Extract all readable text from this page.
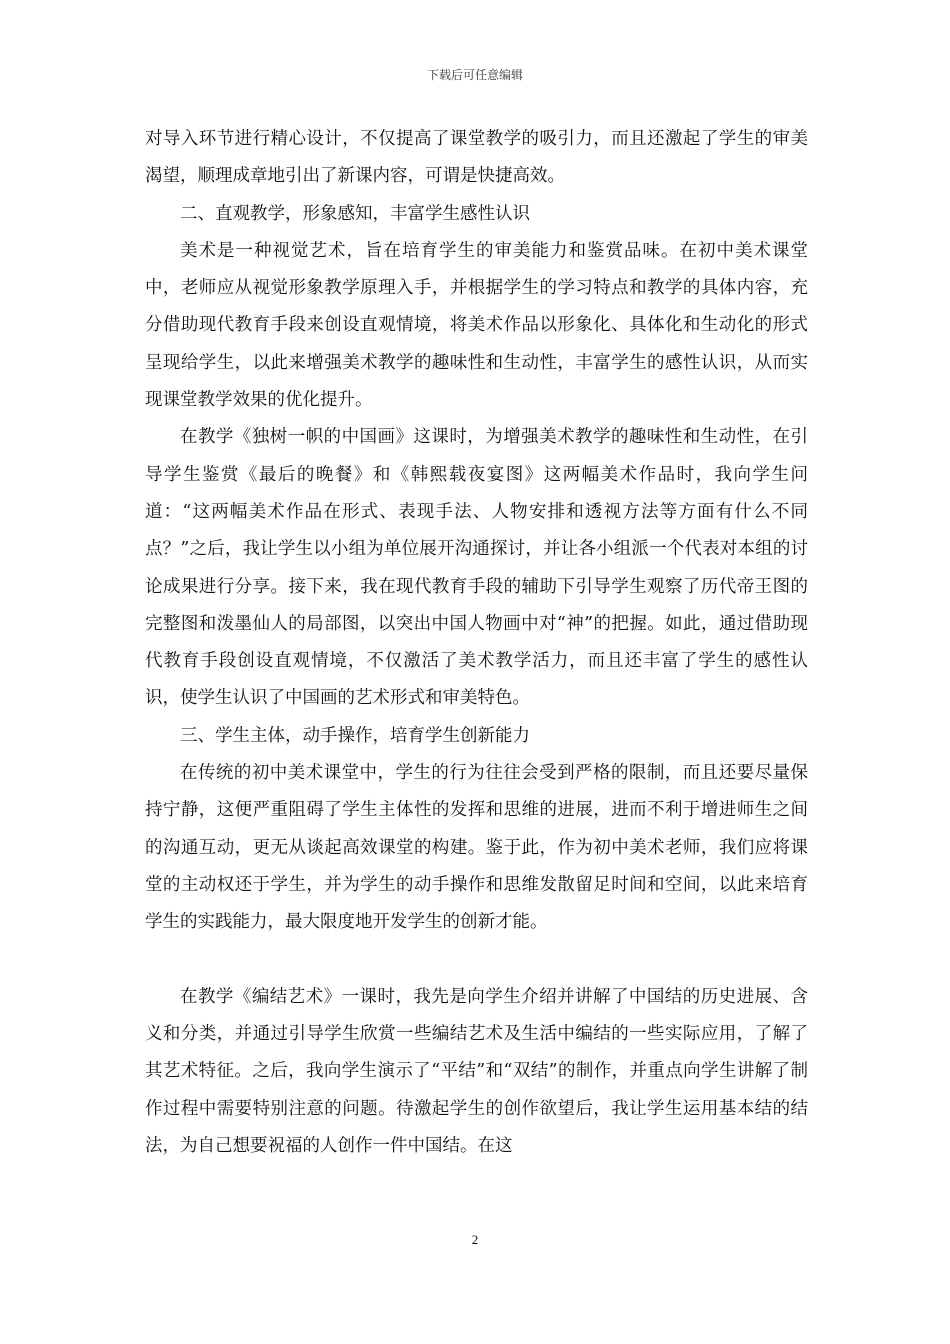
下载后可任意编辑

对导入环节进行精心设计，不仅提高了课堂教学的吸引力，而且还激起了学生的审美渴望，顺理成章地引出了新课内容，可谓是快捷高效。

二、直观教学，形象感知，丰富学生感性认识

美术是一种视觉艺术，旨在培育学生的审美能力和鉴赏品味。在初中美术课堂中，老师应从视觉形象教学原理入手，并根据学生的学习特点和教学的具体内容，充分借助现代教育手段来创设直观情境，将美术作品以形象化、具体化和生动化的形式呈现给学生，以此来增强美术教学的趣味性和生动性，丰富学生的感性认识，从而实现课堂教学效果的优化提升。

在教学《独树一帜的中国画》这课时，为增强美术教学的趣味性和生动性，在引导学生鉴赏《最后的晚餐》和《韩熙载夜宴图》这两幅美术作品时，我向学生问道：“这两幅美术作品在形式、表现手法、人物安排和透视方法等方面有什么不同点？”之后，我让学生以小组为单位展开沟通探讨，并让各小组派一个代表对本组的讨论成果进行分享。接下来，我在现代教育手段的辅助下引导学生观察了历代帝王图的完整图和泼墨仙人的局部图，以突出中国人物画中对“神”的把握。如此，通过借助现代教育手段创设直观情境，不仅激活了美术教学活力，而且还丰富了学生的感性认识，使学生认识了中国画的艺术形式和审美特色。

三、学生主体，动手操作，培育学生创新能力

在传统的初中美术课堂中，学生的行为往往会受到严格的限制，而且还要尽量保持宁静，这便严重阻碍了学生主体性的发挥和思维的进展，进而不利于增进师生之间的沟通互动，更无从谈起高效课堂的构建。鉴于此，作为初中美术老师，我们应将课堂的主动权还于学生，并为学生的动手操作和思维发散留足时间和空间，以此来培育学生的实践能力，最大限度地开发学生的创新才能。

在教学《编结艺术》一课时，我先是向学生介绍并讲解了中国结的历史进展、含义和分类，并通过引导学生欣赏一些编结艺术及生活中编结的一些实际应用，了解了其艺术特征。之后，我向学生演示了“平结”和“双结”的制作，并重点向学生讲解了制作过程中需要特别注意的问题。待激起学生的创作欲望后，我让学生运用基本结的结法，为自己想要祝福的人创作一件中国结。在这

2
